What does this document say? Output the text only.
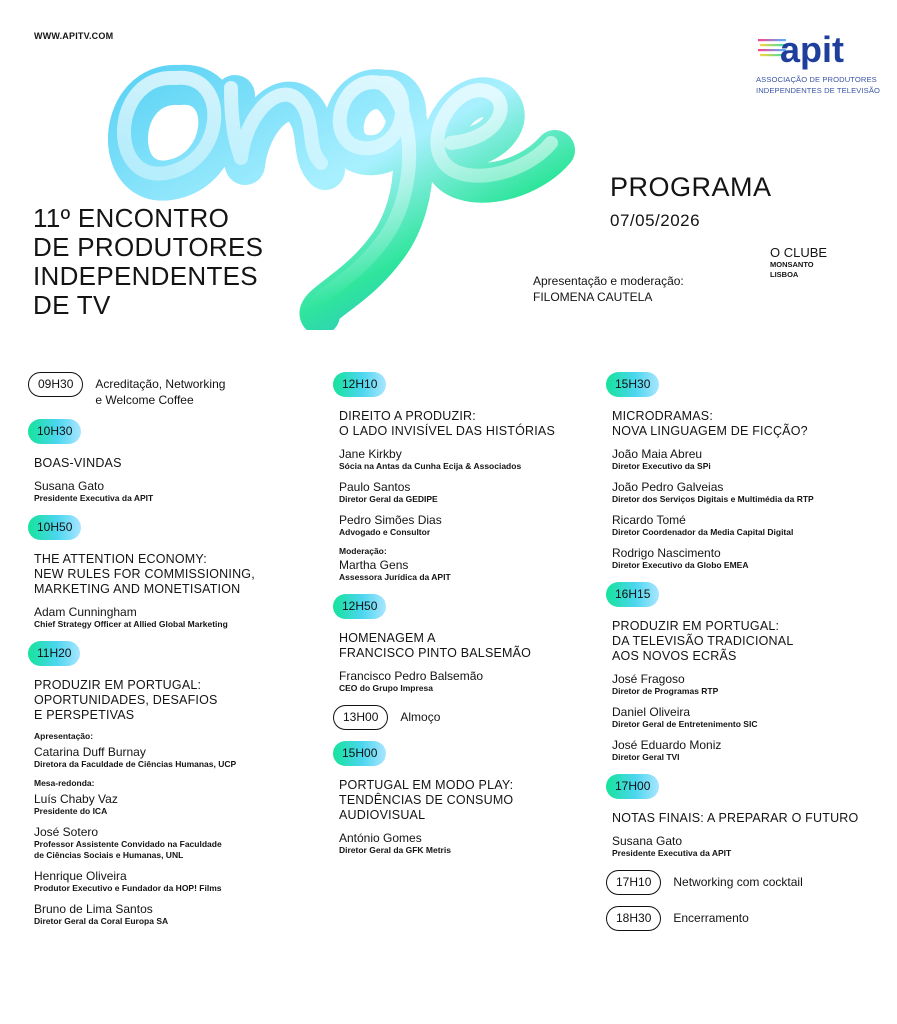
WWW.APITV.COM	apit
ASSOCIAÇÃO DE PRODUTORES
INDEPENDENTES DE TELEVISÃO
11º ENCONTRO
DE PRODUTORES
INDEPENDENTES
DE TV
PROGRAMA
07/05/2026
O CLUBE
MONSANTO
LISBOA
Apresentação e moderação:
FILOMENA CAUTELA
09H30	Acreditação, Networking
e Welcome Coffee
10H30
BOAS-VINDAS
Susana Gato
Presidente Executiva da APIT
10H50
THE ATTENTION ECONOMY:
NEW RULES FOR COMMISSIONING,
MARKETING AND MONETISATION
Adam Cunningham
Chief Strategy Officer at Allied Global Marketing
11H20
PRODUZIR EM PORTUGAL:
OPORTUNIDADES, DESAFIOS
E PERSPETIVAS
Apresentação:
Catarina Duff Burnay
Diretora da Faculdade de Ciências Humanas, UCP
Mesa-redonda:
Luís Chaby Vaz
Presidente do ICA
José Sotero
Professor Assistente Convidado na Faculdade
de Ciências Sociais e Humanas, UNL
Henrique Oliveira
Produtor Executivo e Fundador da HOP! Films
Bruno de Lima Santos
Diretor Geral da Coral Europa SA
12H10
DIREITO A PRODUZIR:
O LADO INVISÍVEL DAS HISTÓRIAS
Jane Kirkby
Sócia na Antas da Cunha Ecija & Associados
Paulo Santos
Diretor Geral da GEDIPE
Pedro Simões Dias
Advogado e Consultor
Moderação:
Martha Gens
Assessora Jurídica da APIT
12H50
HOMENAGEM A
FRANCISCO PINTO BALSEMÃO
Francisco Pedro Balsemão
CEO do Grupo Impresa
13H00	Almoço
15H00
PORTUGAL EM MODO PLAY:
TENDÊNCIAS DE CONSUMO
AUDIOVISUAL
António Gomes
Diretor Geral da GFK Metris
15H30
MICRODRAMAS:
NOVA LINGUAGEM DE FICÇÃO?
João Maia Abreu
Diretor Executivo da SPi
João Pedro Galveias
Diretor dos Serviços Digitais e Multimédia da RTP
Ricardo Tomé
Diretor Coordenador da Media Capital Digital
Rodrigo Nascimento
Diretor Executivo da Globo EMEA
16H15
PRODUZIR EM PORTUGAL:
DA TELEVISÃO TRADICIONAL
AOS NOVOS ECRÃS
José Fragoso
Diretor de Programas RTP
Daniel Oliveira
Diretor Geral de Entretenimento SIC
José Eduardo Moniz
Diretor Geral TVI
17H00
NOTAS FINAIS: A PREPARAR O FUTURO
Susana Gato
Presidente Executiva da APIT
17H10	Networking com cocktail
18H30	Encerramento
